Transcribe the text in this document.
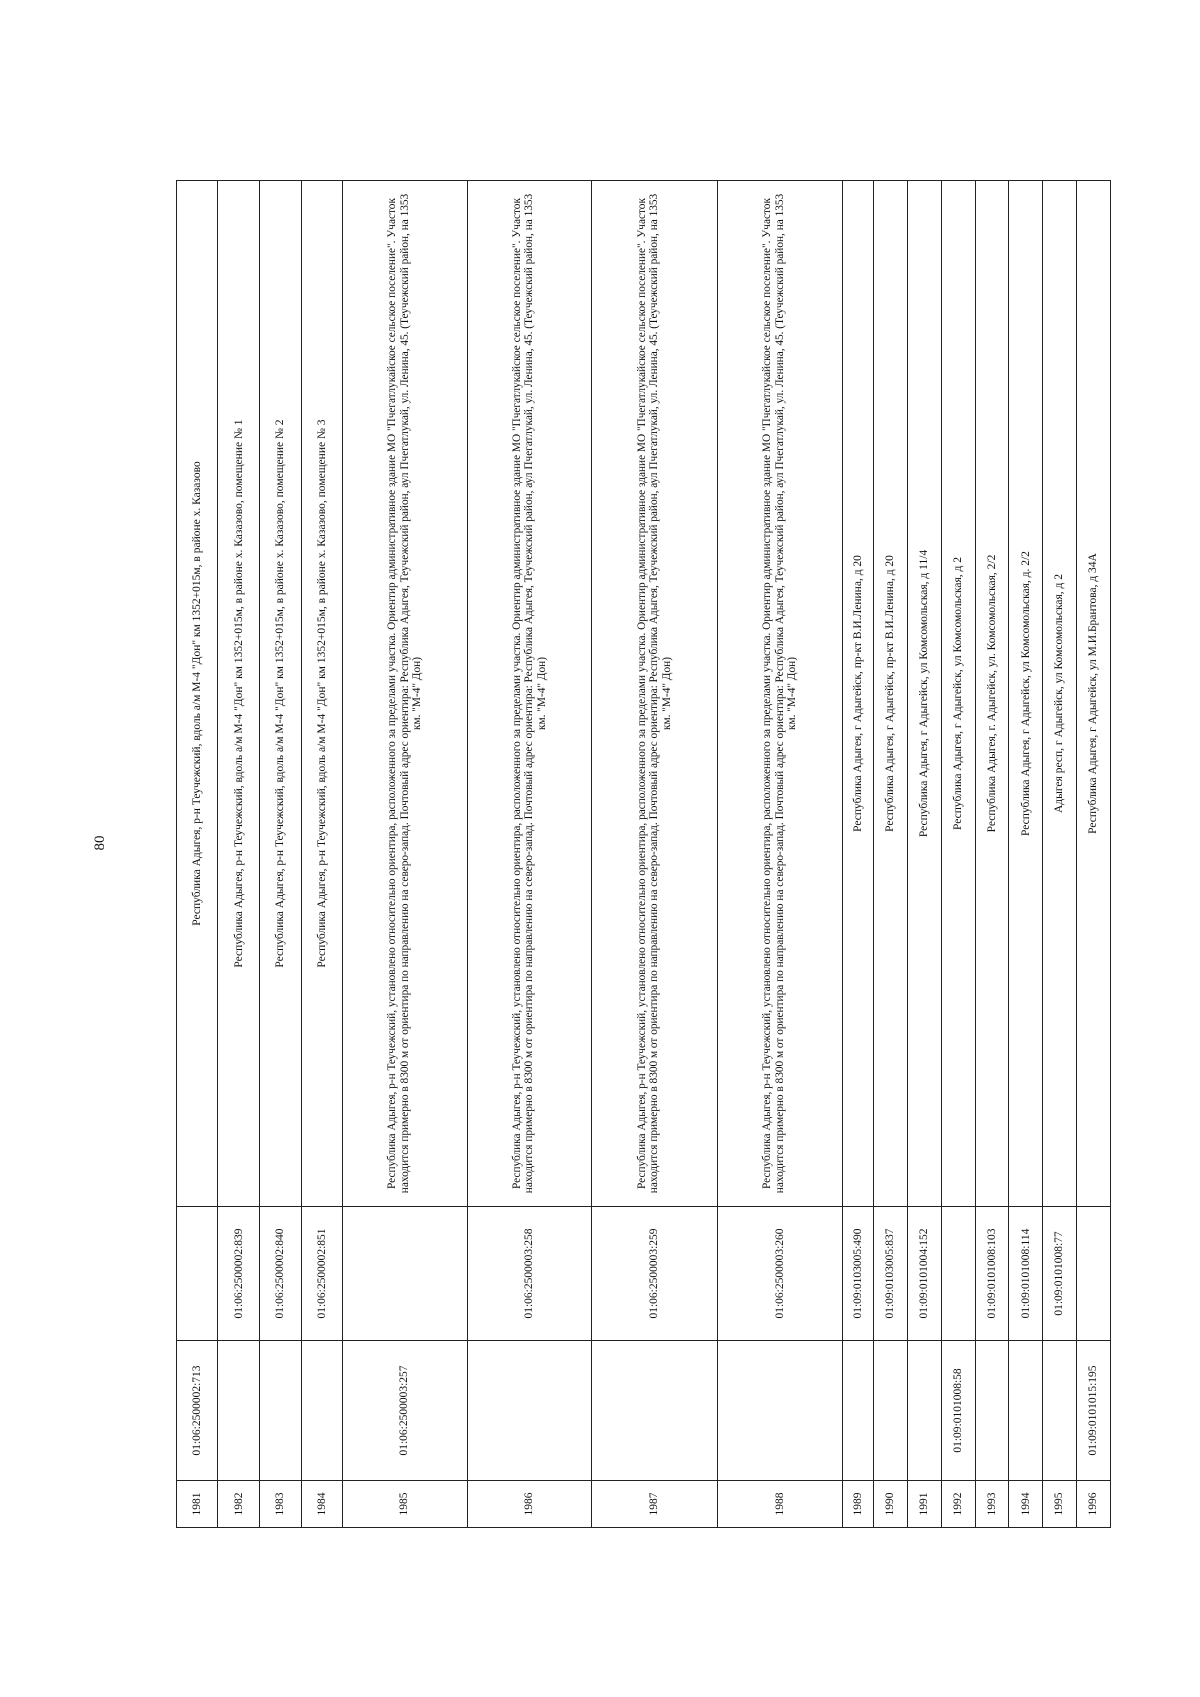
80
1981	01:06:2500002:713		Республика Адыгея, р-н Теучежский, вдоль а/м М-4 "Дон" км 1352+015м, в районе х. Казазово
1982		01:06:2500002:839	Республика Адыгея, р-н Теучежский, вдоль а/м М-4 "Дон" км 1352+015м, в районе х. Казазово, помещение № 1
1983		01:06:2500002:840	Республика Адыгея, р-н Теучежский, вдоль а/м М-4 "Дон" км 1352+015м, в районе х. Казазово, помещение № 2
1984		01:06:2500002:851	Республика Адыгея, р-н Теучежский, вдоль а/м М-4 "Дон" км 1352+015м, в районе х. Казазово, помещение № 3
1985	01:06:2500003:257		Республика Адыгея, р-н Теучежский, установлено относительно ориентира, расположенного за пределами участка. Ориентир административное здание МО "Пчегатлукайское сельское поселение". Участок находится примерно в 8300 м от ориентира по направлению на северо-запад. Почтовый адрес ориентира: Республика Адыгея, Теучежский район, аул Пчегатлукай, ул. Ленина, 45. (Теучежский район, на 1353 км. "М-4" Дон)
1986		01:06:2500003:258	Республика Адыгея, р-н Теучежский, установлено относительно ориентира, расположенного за пределами участка. Ориентир административное здание МО "Пчегатлукайское сельское поселение". Участок находится примерно в 8300 м от ориентира по направлению на северо-запад. Почтовый адрес ориентира: Республика Адыгея, Теучежский район, аул Пчегатлукай, ул. Ленина, 45. (Теучежский район, на 1353 км. "М-4" Дон)
1987		01:06:2500003:259	Республика Адыгея, р-н Теучежский, установлено относительно ориентира, расположенного за пределами участка. Ориентир административное здание МО "Пчегатлукайское сельское поселение". Участок находится примерно в 8300 м от ориентира по направлению на северо-запад. Почтовый адрес ориентира: Республика Адыгея, Теучежский район, аул Пчегатлукай, ул. Ленина, 45. (Теучежский район, на 1353 км. "М-4" Дон)
1988		01:06:2500003:260	Республика Адыгея, р-н Теучежский, установлено относительно ориентира, расположенного за пределами участка. Ориентир административное здание МО "Пчегатлукайское сельское поселение". Участок находится примерно в 8300 м от ориентира по направлению на северо-запад. Почтовый адрес ориентира: Республика Адыгея, Теучежский район, аул Пчегатлукай, ул. Ленина, 45. (Теучежский район, на 1353 км. "М-4" Дон)
1989		01:09:0103005:490	Республика Адыгея, г Адыгейск, пр-кт В.И.Ленина, д 20
1990		01:09:0103005:837	Республика Адыгея, г Адыгейск, пр-кт В.И.Ленина, д 20
1991		01:09:0101004:152	Республика Адыгея, г Адыгейск, ул Комсомольская, д 11/4
1992	01:09:0101008:58		Республика Адыгея, г Адыгейск, ул Комсомольская, д 2
1993		01:09:0101008:103	Республика Адыгея, г. Адыгейск, ул. Комсомольская, 2/2
1994		01:09:0101008:114	Республика Адыгея, г Адыгейск, ул Комсомольская, д. 2/2
1995		01:09:0101008:77	Адыгея респ, г Адыгейск, ул Комсомольская, д 2
1996	01:09:0101015:195		Республика Адыгея, г Адыгейск, ул М.И.Брантова, д 34А
